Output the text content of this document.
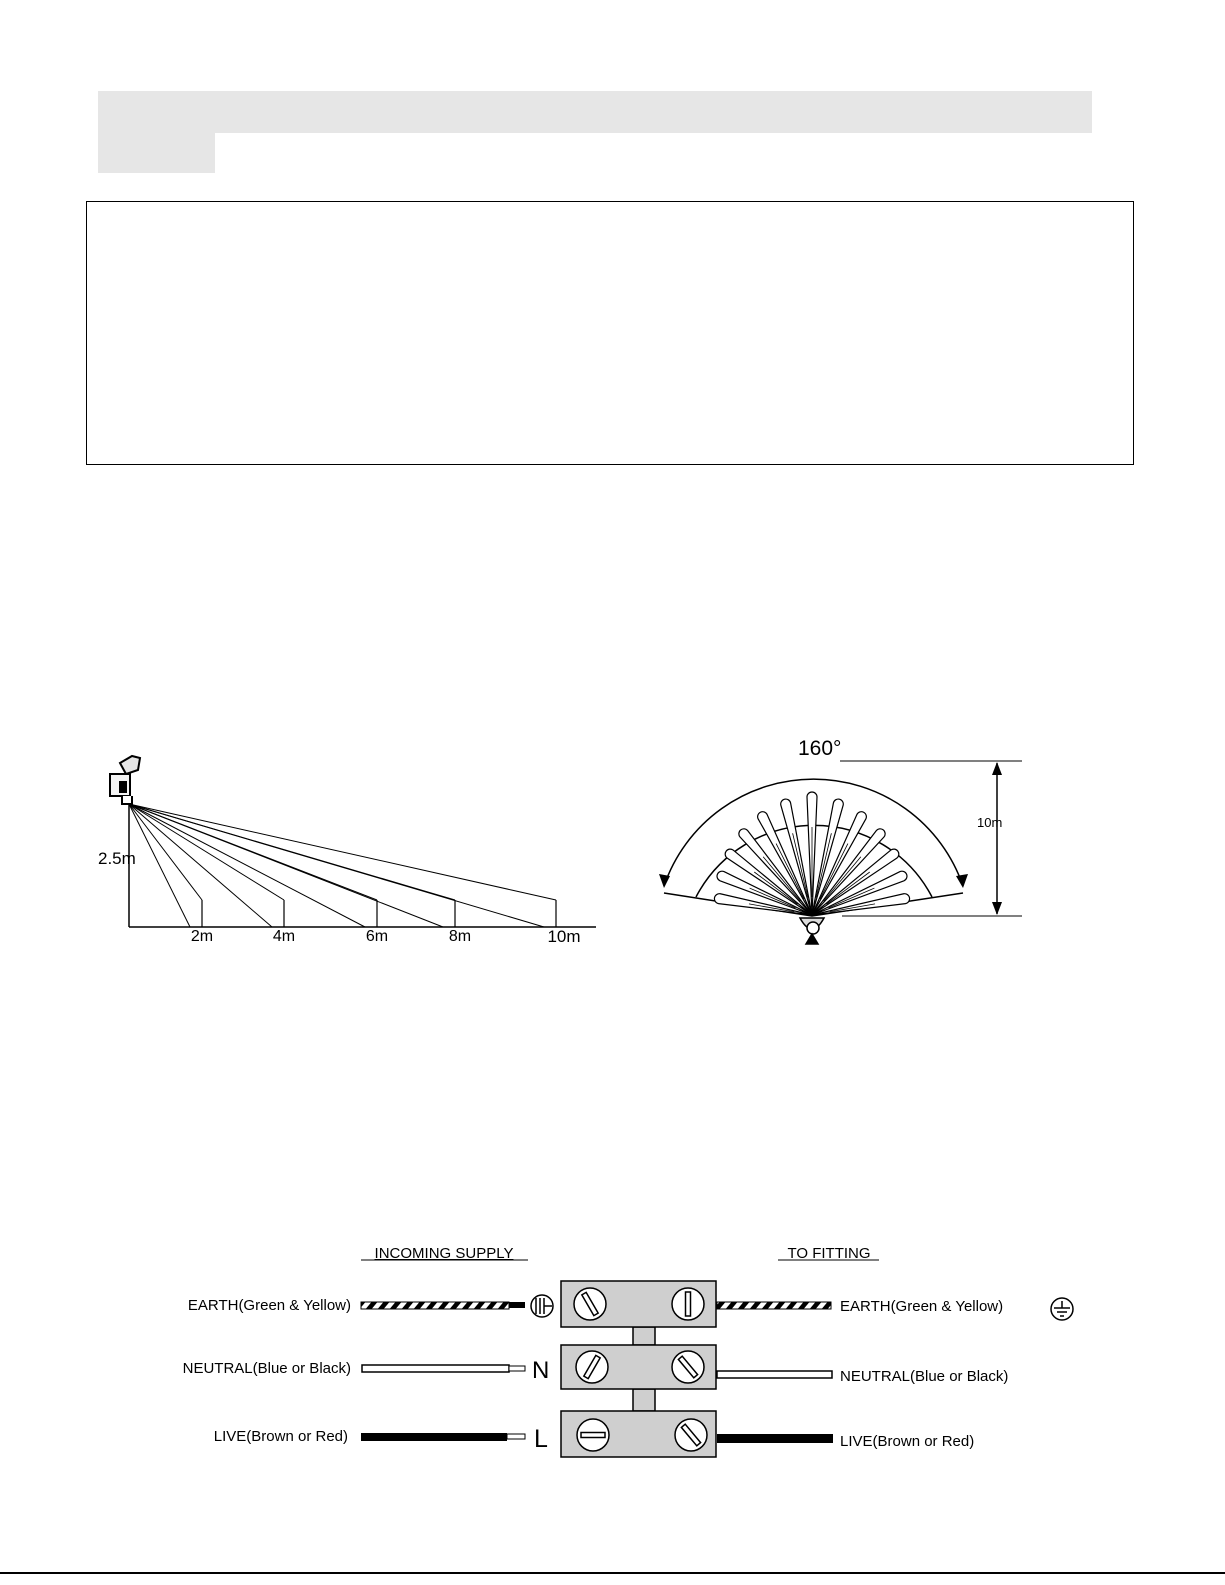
2.5m
2m	4m	6m	8m	10m
160°
10m
INCOMING SUPPLY	TO FITTING
EARTH(Green & Yellow)
NEUTRAL(Blue or Black)
LIVE(Brown or Red)
N
L
EARTH(Green & Yellow)
NEUTRAL(Blue or Black)
LIVE(Brown or Red)
